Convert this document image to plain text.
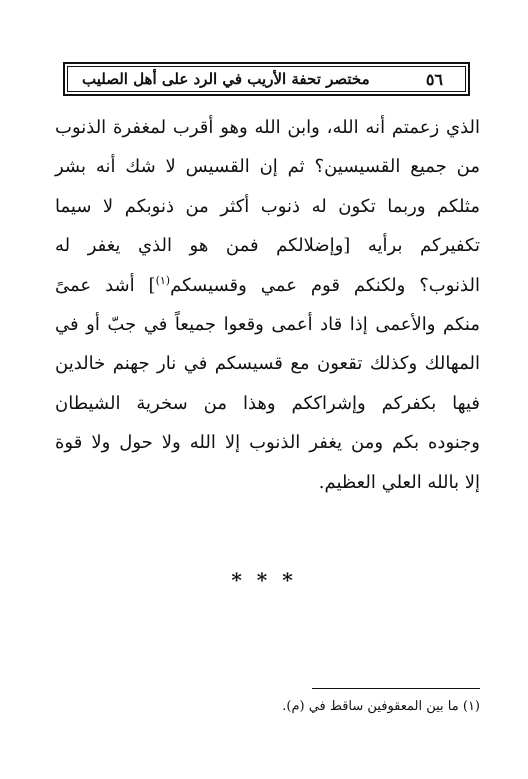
٥٦
مختصر تحفة الأريب في الرد على أهل الصليب
الذي زعمتم أنه الله، وابن الله وهو أقرب لمغفرة الذنوب
من جميع القسيسين؟ ثم إن القسيس لا شك أنه بشر
مثلكم وربما تكون له ذنوب أكثر من ذنوبكم لا سيما
تكفيركم برأيه [وإضلالكم فمن هو الذي يغفر له
الذنوب؟ ولكنكم قوم عمي وقسيسكم$^{(١)}$] أشد عمىً
منكم والأعمى إذا قاد أعمى وقعوا جميعاً في جبّ أو في
المهالك وكذلك تقعون مع قسيسكم في نار جهنم خالدين
فيها بكفركم وإشراككم وهذا من سخرية الشيطان
وجنوده بكم ومن يغفر الذنوب إلا الله ولا حول ولا قوة
إلا بالله العلي العظيم.
* * *
(١) ما بين المعقوفين ساقط في (م).
